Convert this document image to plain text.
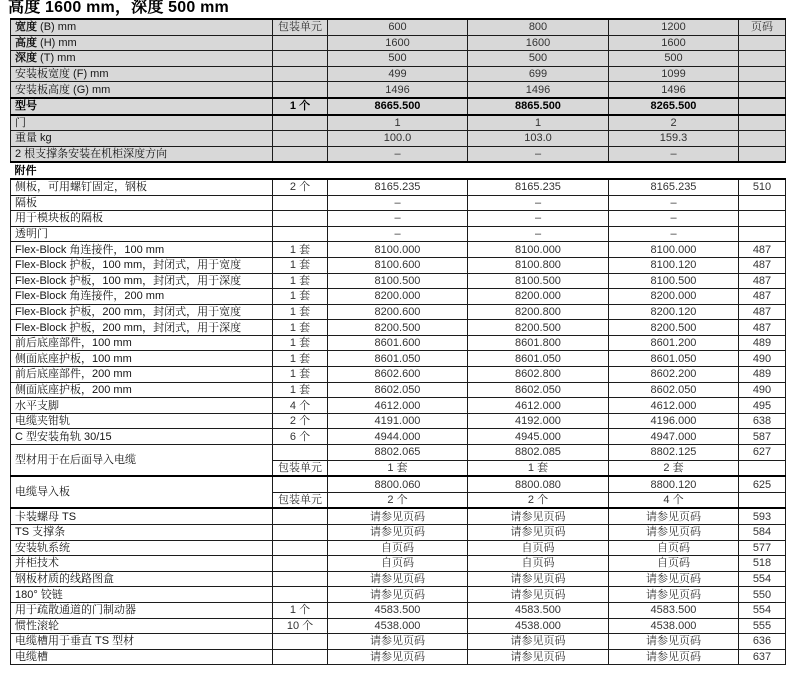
高度 1600 mm，深度 500 mm
宽度 (B) mm	包装单元	600	800	1200	页码
高度 (H) mm		1600	1600	1600	
深度 (T) mm		500	500	500	
安装板宽度 (F) mm		499	699	1099	
安装板高度 (G) mm		1496	1496	1496	
型号	1 个	8665.500	8865.500	8265.500	
门		1	1	2	
重量 kg		100.0	103.0	159.3	
2 根支撑条安装在机柜深度方向		–	–	–	
附件					
侧板，可用螺钉固定，钢板	2 个	8165.235	8165.235	8165.235	510
隔板		–	–	–	
用于模块板的隔板		–	–	–	
透明门		–	–	–	
Flex-Block 角连接件，100 mm	1 套	8100.000	8100.000	8100.000	487
Flex-Block 护板，100 mm，封闭式，用于宽度	1 套	8100.600	8100.800	8100.120	487
Flex-Block 护板，100 mm，封闭式，用于深度	1 套	8100.500	8100.500	8100.500	487
Flex-Block 角连接件，200 mm	1 套	8200.000	8200.000	8200.000	487
Flex-Block 护板，200 mm，封闭式，用于宽度	1 套	8200.600	8200.800	8200.120	487
Flex-Block 护板，200 mm，封闭式，用于深度	1 套	8200.500	8200.500	8200.500	487
前后底座部件，100 mm	1 套	8601.600	8601.800	8601.200	489
侧面底座护板，100 mm	1 套	8601.050	8601.050	8601.050	490
前后底座部件，200 mm	1 套	8602.600	8602.800	8602.200	489
侧面底座护板，200 mm	1 套	8602.050	8602.050	8602.050	490
水平支脚	4 个	4612.000	4612.000	4612.000	495
电缆夹钳轨	2 个	4191.000	4192.000	4196.000	638
C 型安装角轨 30/15	6 个	4944.000	4945.000	4947.000	587
型材用于在后面导入电缆		8802.065	8802.085	8802.125	627
	包装单元	1 套	1 套	2 套	
电缆导入板		8800.060	8800.080	8800.120	625
	包装单元	2 个	2 个	4 个	
卡装螺母 TS		请参见页码	请参见页码	请参见页码	593
TS 支撑条		请参见页码	请参见页码	请参见页码	584
安装轨系统		自页码	自页码	自页码	577
并柜技术		自页码	自页码	自页码	518
钢板材质的线路图盒		请参见页码	请参见页码	请参见页码	554
180° 铰链		请参见页码	请参见页码	请参见页码	550
用于疏散通道的门制动器	1 个	4583.500	4583.500	4583.500	554
惯性滚轮	10 个	4538.000	4538.000	4538.000	555
电缆槽用于垂直 TS 型材		请参见页码	请参见页码	请参见页码	636
电缆槽		请参见页码	请参见页码	请参见页码	637
